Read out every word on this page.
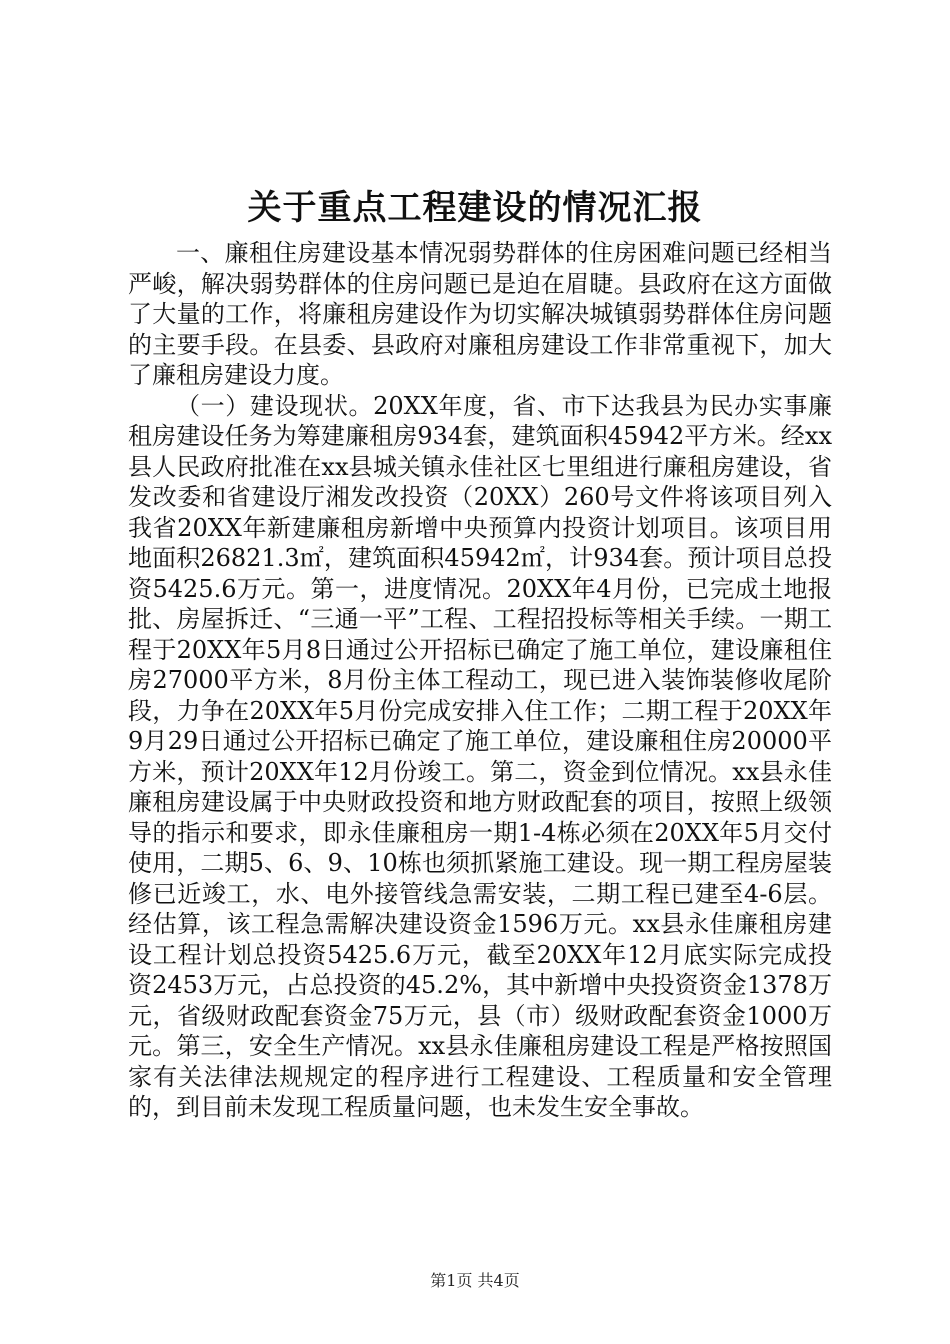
关于重点工程建设的情况汇报

一、廉租住房建设基本情况弱势群体的住房困难问题已经相当严峻，解决弱势群体的住房问题已是迫在眉睫。县政府在这方面做了大量的工作，将廉租房建设作为切实解决城镇弱势群体住房问题的主要手段。在县委、县政府对廉租房建设工作非常重视下，加大了廉租房建设力度。

（一）建设现状。20XX年度，省、市下达我县为民办实事廉租房建设任务为筹建廉租房934套，建筑面积45942平方米。经xx县人民政府批准在xx县城关镇永佳社区七里组进行廉租房建设，省发改委和省建设厅湘发改投资（20XX）260号文件将该项目列入我省20XX年新建廉租房新增中央预算内投资计划项目。该项目用地面积26821.3㎡，建筑面积45942㎡，计934套。预计项目总投资5425.6万元。第一，进度情况。20XX年4月份，已完成土地报批、房屋拆迁、“三通一平”工程、工程招投标等相关手续。一期工程于20XX年5月8日通过公开招标已确定了施工单位，建设廉租住房27000平方米，8月份主体工程动工，现已进入装饰装修收尾阶段，力争在20XX年5月份完成安排入住工作；二期工程于20XX年9月29日通过公开招标已确定了施工单位，建设廉租住房20000平方米，预计20XX年12月份竣工。第二，资金到位情况。xx县永佳廉租房建设属于中央财政投资和地方财政配套的项目，按照上级领导的指示和要求，即永佳廉租房一期1-4栋必须在20XX年5月交付使用，二期5、6、9、10栋也须抓紧施工建设。现一期工程房屋装修已近竣工，水、电外接管线急需安装，二期工程已建至4-6层。经估算，该工程急需解决建设资金1596万元。xx县永佳廉租房建设工程计划总投资5425.6万元，截至20XX年12月底实际完成投资2453万元，占总投资的45.2%，其中新增中央投资资金1378万元，省级财政配套资金75万元，县（市）级财政配套资金1000万元。第三，安全生产情况。xx县永佳廉租房建设工程是严格按照国家有关法律法规规定的程序进行工程建设、工程质量和安全管理的，到目前未发现工程质量问题，也未发生安全事故。

第1页 共4页
